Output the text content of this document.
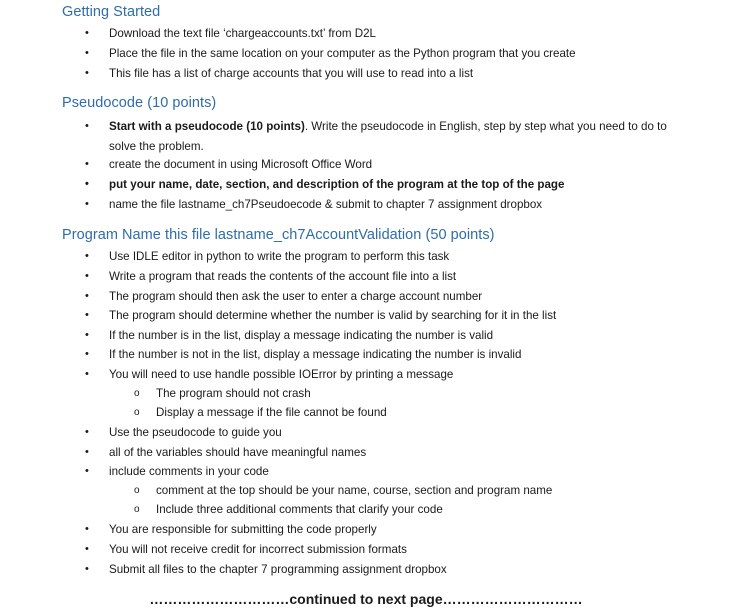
Getting Started
• Download the text file ‘chargeaccounts.txt’ from D2L
• Place the file in the same location on your computer as the Python program that you create
• This file has a list of charge accounts that you will use to read into a list
Pseudocode (10 points)
• Start with a pseudocode (10 points). Write the pseudocode in English, step by step what you need to do to solve the problem.
• create the document in using Microsoft Office Word
• put your name, date, section, and description of the program at the top of the page
• name the file lastname_ch7Pseudoecode & submit to chapter 7 assignment dropbox
Program Name this file lastname_ch7AccountValidation (50 points)
• Use IDLE editor in python to write the program to perform this task
• Write a program that reads the contents of the account file into a list
• The program should then ask the user to enter a charge account number
• The program should determine whether the number is valid by searching for it in the list
• If the number is in the list, display a message indicating the number is valid
• If the number is not in the list, display a message indicating the number is invalid
• You will need to use handle possible IOError by printing a message
o The program should not crash
o Display a message if the file cannot be found
• Use the pseudocode to guide you
• all of the variables should have meaningful names
• include comments in your code
o comment at the top should be your name, course, section and program name
o Include three additional comments that clarify your code
• You are responsible for submitting the code properly
• You will not receive credit for incorrect submission formats
• Submit all files to the chapter 7 programming assignment dropbox
…………………………continued to next page…………………………
